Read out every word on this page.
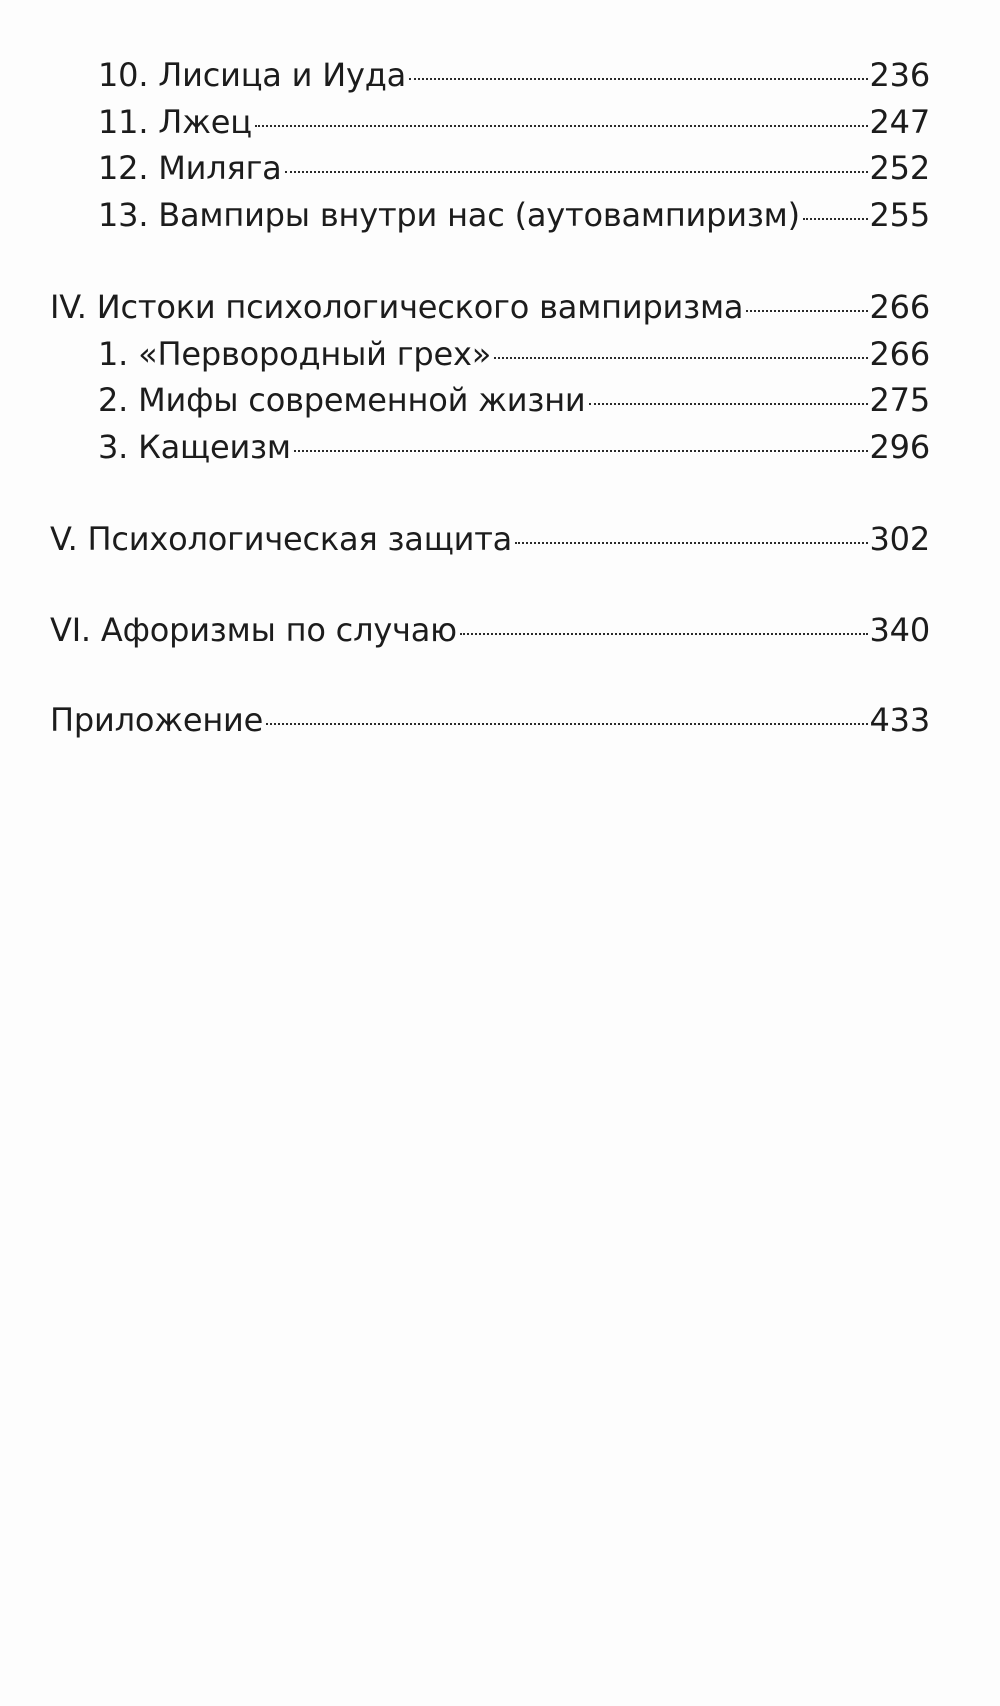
10. Лисица и Иуда	236
11. Лжец	247
12. Миляга	252
13. Вампиры внутри нас (аутовампиризм) 255
IV. Истоки психологического вампиризма	266
1. «Первородный грех»	266
2. Мифы современной жизни	275
3. Кащеизм	296
V. Психологическая защита	302
VI. Афоризмы по случаю	340
Приложение	433
